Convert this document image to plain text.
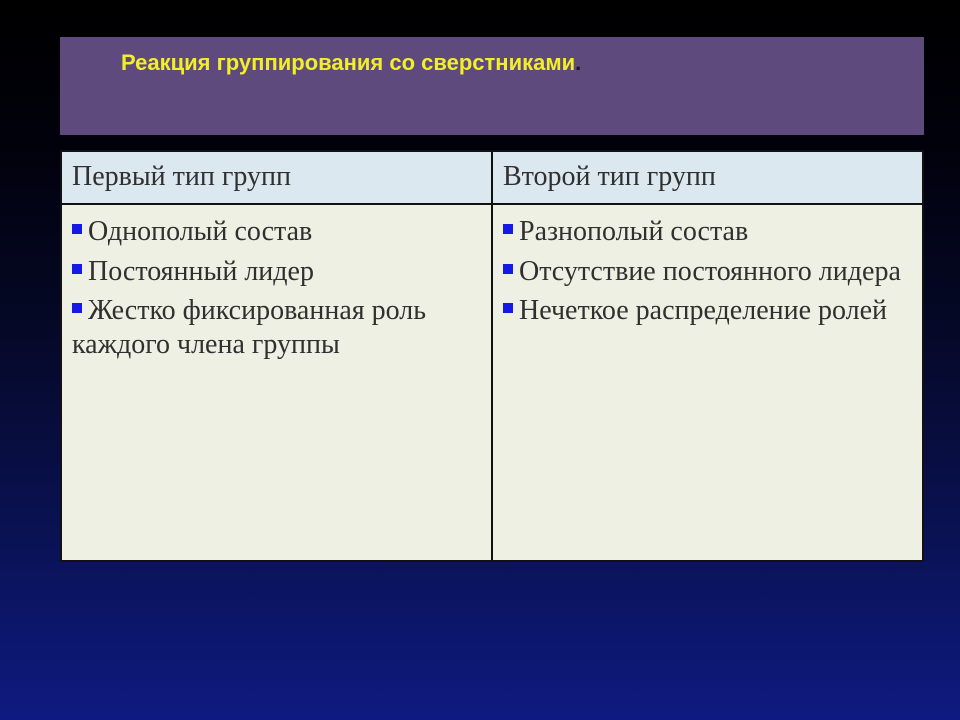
Реакция группирования со сверстниками.
Первый тип групп	Второй тип групп
Однополый состав
Постоянный лидер
Жестко фиксированная роль каждого члена группы
Разнополый состав
Отсутствие постоянного лидера
Нечеткое распределение ролей
